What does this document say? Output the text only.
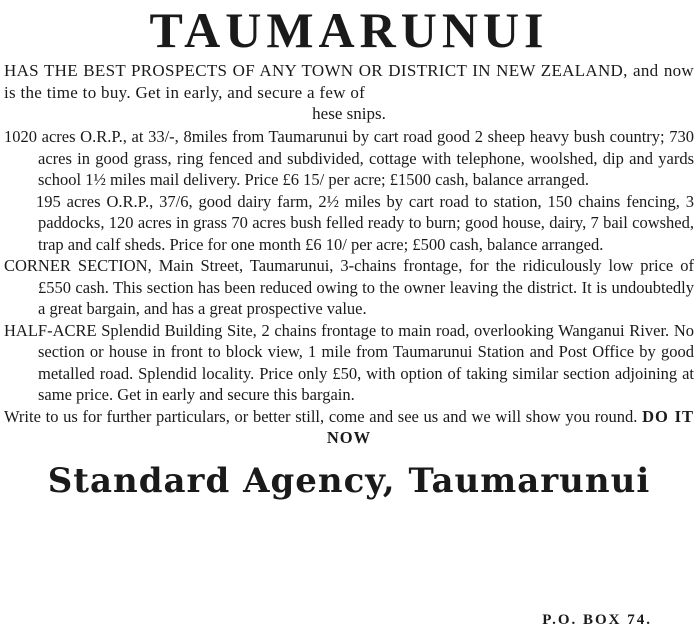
TAUMARUNUI

HAS THE BEST PROSPECTS OF ANY TOWN OR DISTRICT IN NEW ZEALAND, and now is the time to buy. Get in early, and secure a few of

hese snips.

1020 acres O.R.P., at 33/-, 8miles from Taumarunui by cart road good 2 sheep heavy bush country; 730 acres in good grass, ring fenced and subdivided, cottage with telephone, woolshed, dip and yards school 1½ miles mail delivery. Price £6 15/ per acre; £1500 cash, balance arranged.

195 acres O.R.P., 37/6, good dairy farm, 2½ miles by cart road to station, 150 chains fencing, 3 paddocks, 120 acres in grass 70 acres bush felled ready to burn; good house, dairy, 7 bail cowshed, trap and calf sheds. Price for one month £6 10/ per acre; £500 cash, balance arranged.

CORNER SECTION, Main Street, Taumarunui, 3-chains frontage, for the ridiculously low price of £550 cash. This section has been reduced owing to the owner leaving the district. It is undoubtedly a great bargain, and has a great prospective value.

HALF-ACRE Splendid Building Site, 2 chains frontage to main road, overlooking Wanganui River. No section or house in front to block view, 1 mile from Taumarunui Station and Post Office by good metalled road. Splendid locality. Price only £50, with option of taking similar section adjoining at same price. Get in early and secure this bargain.

Write to us for further particulars, or better still, come and see us and we will show you round. DO IT NOW

Standard Agency, Taumarunui
P.O. BOX 74.
